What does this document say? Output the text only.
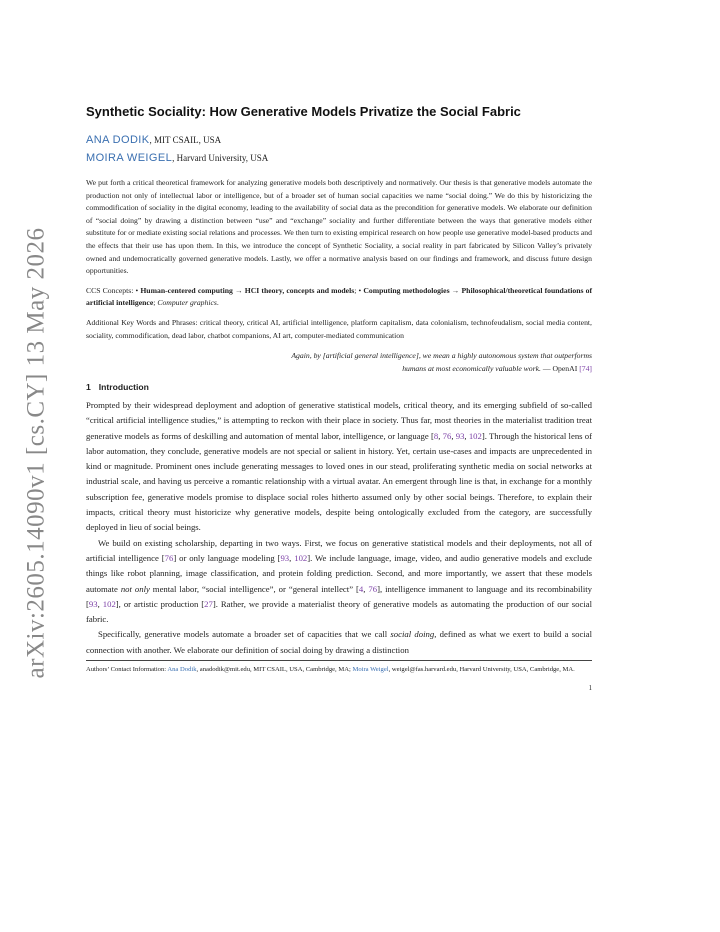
arXiv:2605.14090v1 [cs.CY] 13 May 2026
Synthetic Sociality: How Generative Models Privatize the Social Fabric

ANA DODIK, MIT CSAIL, USA

MOIRA WEIGEL, Harvard University, USA

We put forth a critical theoretical framework for analyzing generative models both descriptively and normatively. Our thesis is that generative models automate the production not only of intellectual labor or intelligence, but of a broader set of human social capacities we name “social doing.” We do this by historicizing the commodification of sociality in the digital economy, leading to the availability of social data as the precondition for generative models. We elaborate our definition of “social doing” by drawing a distinction between “use” and “exchange” sociality and further differentiate between the ways that generative models either substitute for or mediate existing social relations and processes. We then turn to existing empirical research on how people use generative model-based products and the effects that their use has upon them. In this, we introduce the concept of Synthetic Sociality, a social reality in part fabricated by Silicon Valley’s privately owned and undemocratically governed generative models. Lastly, we offer a normative analysis based on our findings and framework, and discuss future design opportunities.

CCS Concepts: • Human-centered computing → HCI theory, concepts and models; • Computing methodologies → Philosophical/theoretical foundations of artificial intelligence; Computer graphics.

Additional Key Words and Phrases: critical theory, critical AI, artificial intelligence, platform capitalism, data colonialism, technofeudalism, social media content, sociality, commodification, dead labor, chatbot companions, AI art, computer-mediated communication

Again, by [artificial general intelligence], we mean a highly autonomous system that outperforms
humans at most economically valuable work. — OpenAI [74]
1 Introduction

Prompted by their widespread deployment and adoption of generative statistical models, critical theory, and its emerging subfield of so-called “critical artificial intelligence studies,” is attempting to reckon with their place in society. Thus far, most theories in the materialist tradition treat generative models as forms of deskilling and automation of mental labor, intelligence, or language [8, 76, 93, 102]. Through the historical lens of labor automation, they conclude, generative models are not special or salient in history. Yet, certain use-cases and impacts are unprecedented in kind or magnitude. Prominent ones include generating messages to loved ones in our stead, proliferating synthetic media on social networks at industrial scale, and having us perceive a romantic relationship with a virtual avatar. An emergent through line is that, in exchange for a monthly subscription fee, generative models promise to displace social roles hitherto assumed only by other social beings. Therefore, to explain their impacts, critical theory must historicize why generative models, despite being ontologically excluded from the category, are successfully deployed in lieu of social beings.

We build on existing scholarship, departing in two ways. First, we focus on generative statistical models and their deployments, not all of artificial intelligence [76] or only language modeling [93, 102]. We include language, image, video, and audio generative models and exclude things like robot planning, image classification, and protein folding prediction. Second, and more importantly, we assert that these models automate not only mental labor, “social intelligence”, or “general intellect” [4, 76], intelligence immanent to language and its recombinability [93, 102], or artistic production [27]. Rather, we provide a materialist theory of generative models as automating the production of our social fabric.

Specifically, generative models automate a broader set of capacities that we call social doing, defined as what we exert to build a social connection with another. We elaborate our definition of social doing by drawing a distinction

Authors’ Contact Information: Ana Dodik, anadodik@mit.edu, MIT CSAIL, USA, Cambridge, MA; Moira Weigel, weigel@fas.harvard.edu, Harvard University, USA, Cambridge, MA.

1
